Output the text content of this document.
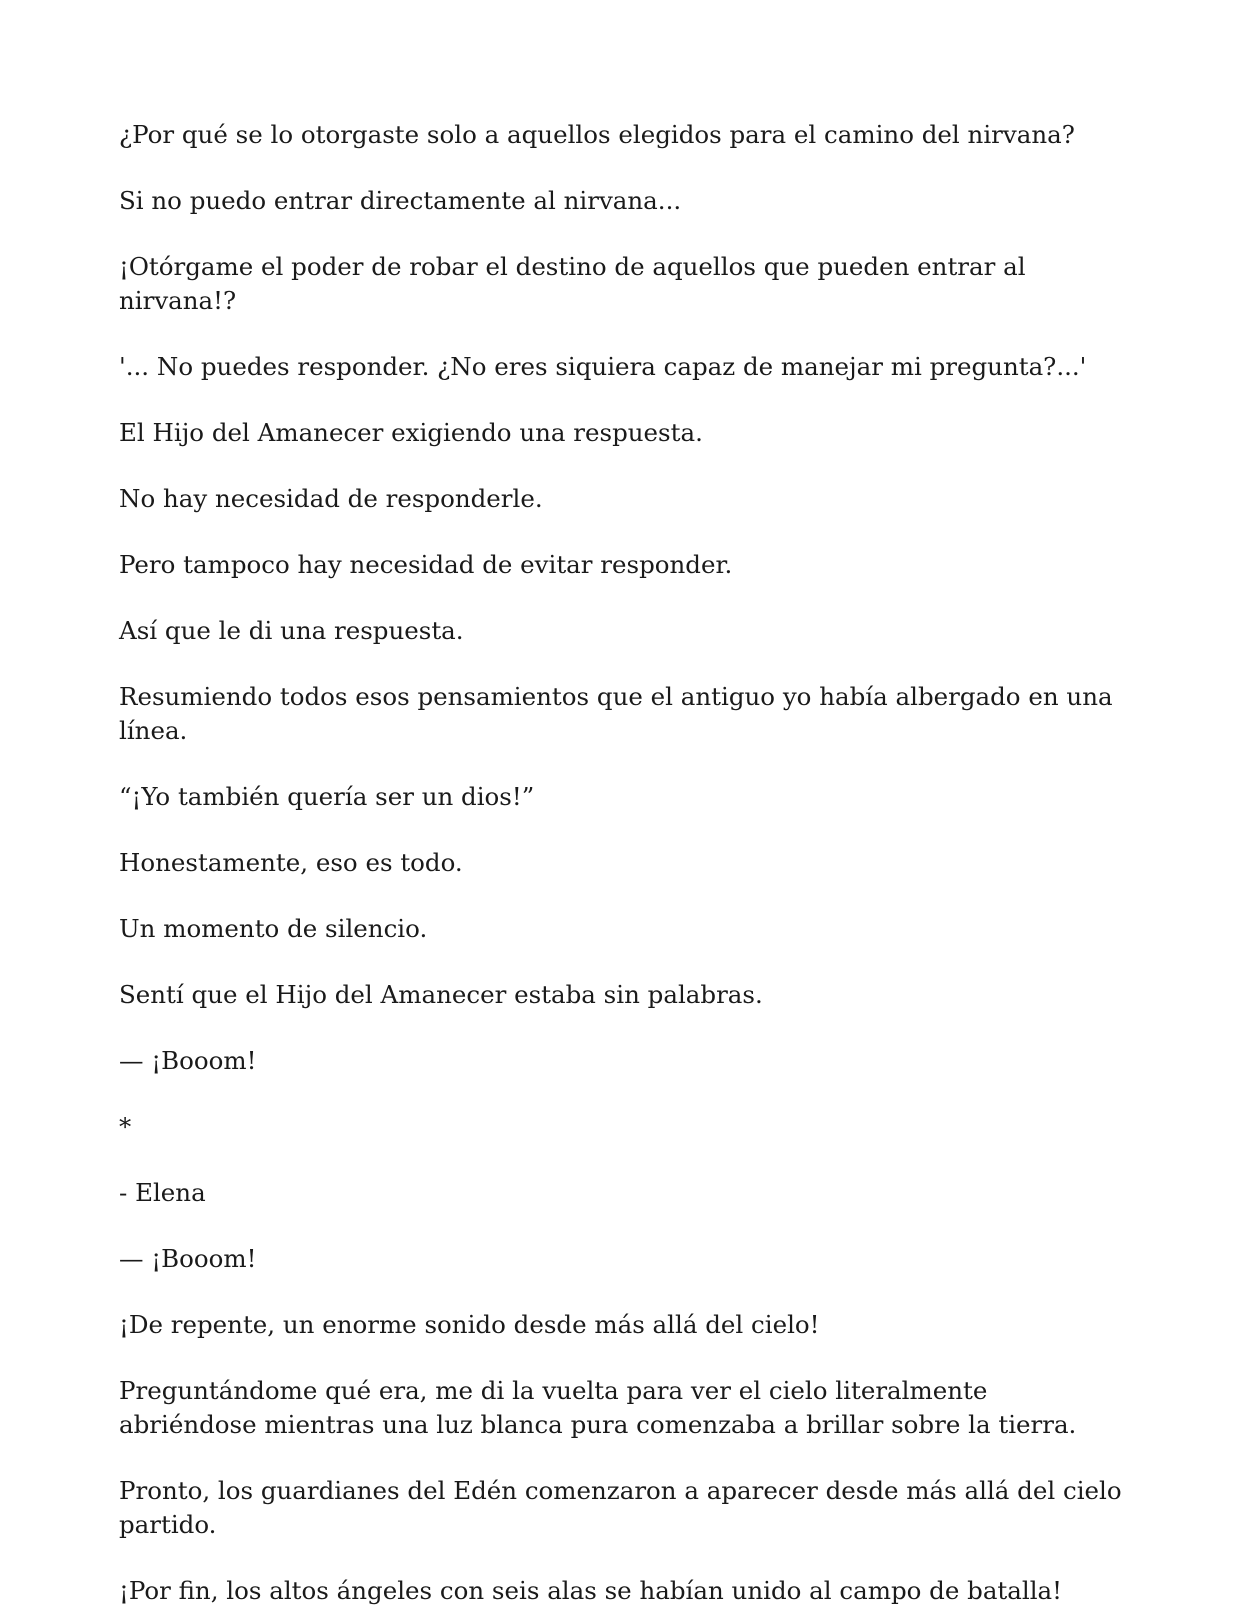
¿Por qué se lo otorgaste solo a aquellos elegidos para el camino del nirvana?

Si no puedo entrar directamente al nirvana...

¡Otórgame el poder de robar el destino de aquellos que pueden entrar al nirvana!?

'... No puedes responder. ¿No eres siquiera capaz de manejar mi pregunta?...'

El Hijo del Amanecer exigiendo una respuesta.

No hay necesidad de responderle.

Pero tampoco hay necesidad de evitar responder.

Así que le di una respuesta.

Resumiendo todos esos pensamientos que el antiguo yo había albergado en una línea.

“¡Yo también quería ser un dios!”

Honestamente, eso es todo.

Un momento de silencio.

Sentí que el Hijo del Amanecer estaba sin palabras.

— ¡Booom!

*

- Elena

— ¡Booom!

¡De repente, un enorme sonido desde más allá del cielo!

Preguntándome qué era, me di la vuelta para ver el cielo literalmente abriéndose mientras una luz blanca pura comenzaba a brillar sobre la tierra.

Pronto, los guardianes del Edén comenzaron a aparecer desde más allá del cielo partido.

¡Por fin, los altos ángeles con seis alas se habían unido al campo de batalla!
